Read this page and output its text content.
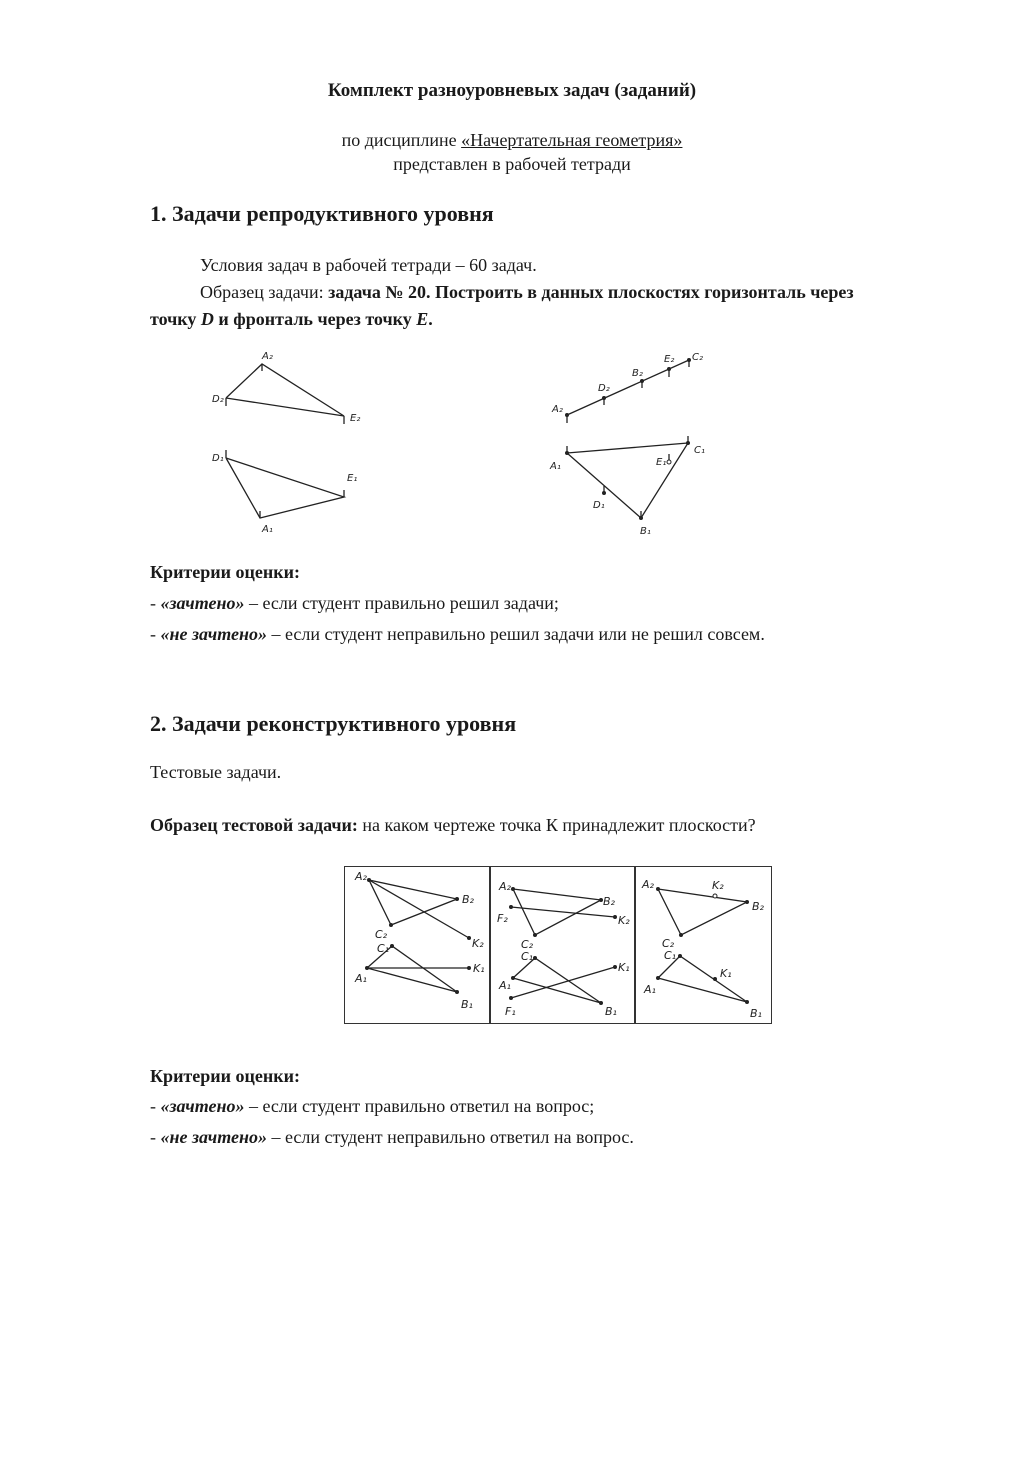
Комплект разноуровневых задач (заданий)
по дисциплине «Начертательная геометрия»
представлен в рабочей тетради
1. Задачи репродуктивного уровня
Условия задач в рабочей тетради – 60 задач.
Образец задачи: задача № 20. Построить в данных плоскостях горизонталь через
точку D и фронталь через точку E.
A₂
D₂
E₂
D₁
E₁
A₁
A₂
D₂
B₂
E₂ C₂
A₁	E₁
C₁
D₁
B₁
Критерии оценки:
- «зачтено» – если студент правильно решил задачи;
- «не зачтено» – если студент неправильно решил задачи или не решил совсем.
2. Задачи реконструктивного уровня
Тестовые задачи.
Образец тестовой задачи: на каком чертеже точка К принадлежит плоскости?
A₂
B₂
C₂
K₂
C₁
A₁
K₁
B₁
A₂
B₂
F₂	K₂
C₂
C₁
K₁
A₁
F₁	B₁
A₂	K₂
B₂
C₂
C₁
K₁
A₁
B₁
Критерии оценки:
- «зачтено» – если студент правильно ответил на вопрос;
- «не зачтено» – если студент неправильно ответил на вопрос.
